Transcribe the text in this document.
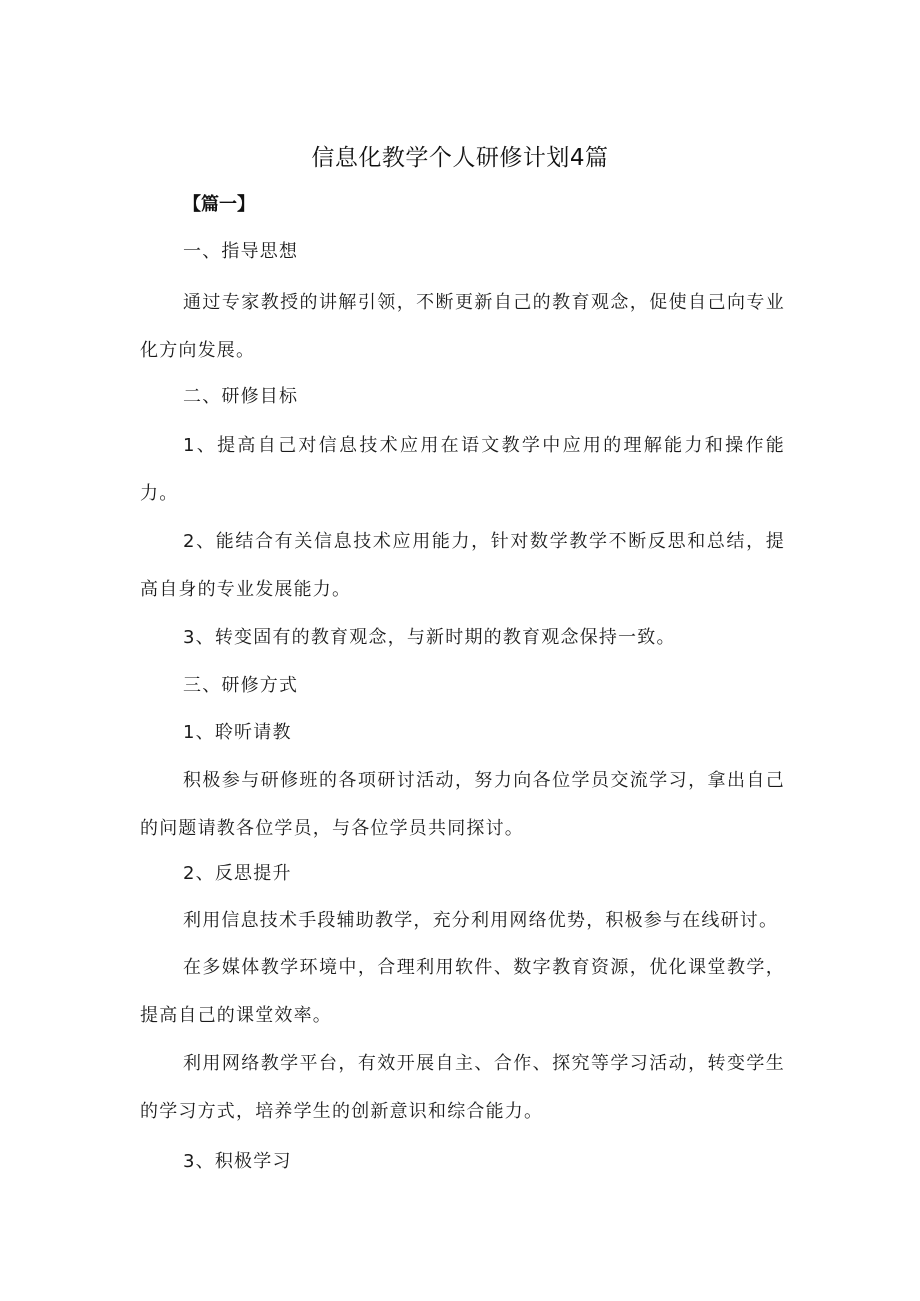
信息化教学个人研修计划4篇
【篇一】
一、指导思想
通过专家教授的讲解引领，不断更新自己的教育观念，促使自己向专业化方向发展。
二、研修目标
1、提高自己对信息技术应用在语文教学中应用的理解能力和操作能力。
2、能结合有关信息技术应用能力，针对数学教学不断反思和总结，提高自身的专业发展能力。
3、转变固有的教育观念，与新时期的教育观念保持一致。
三、研修方式
1、聆听请教
积极参与研修班的各项研讨活动，努力向各位学员交流学习，拿出自己的问题请教各位学员，与各位学员共同探讨。
2、反思提升
利用信息技术手段辅助教学，充分利用网络优势，积极参与在线研讨。
在多媒体教学环境中，合理利用软件、数字教育资源，优化课堂教学，提高自己的课堂效率。
利用网络教学平台，有效开展自主、合作、探究等学习活动，转变学生的学习方式，培养学生的创新意识和综合能力。
3、积极学习
